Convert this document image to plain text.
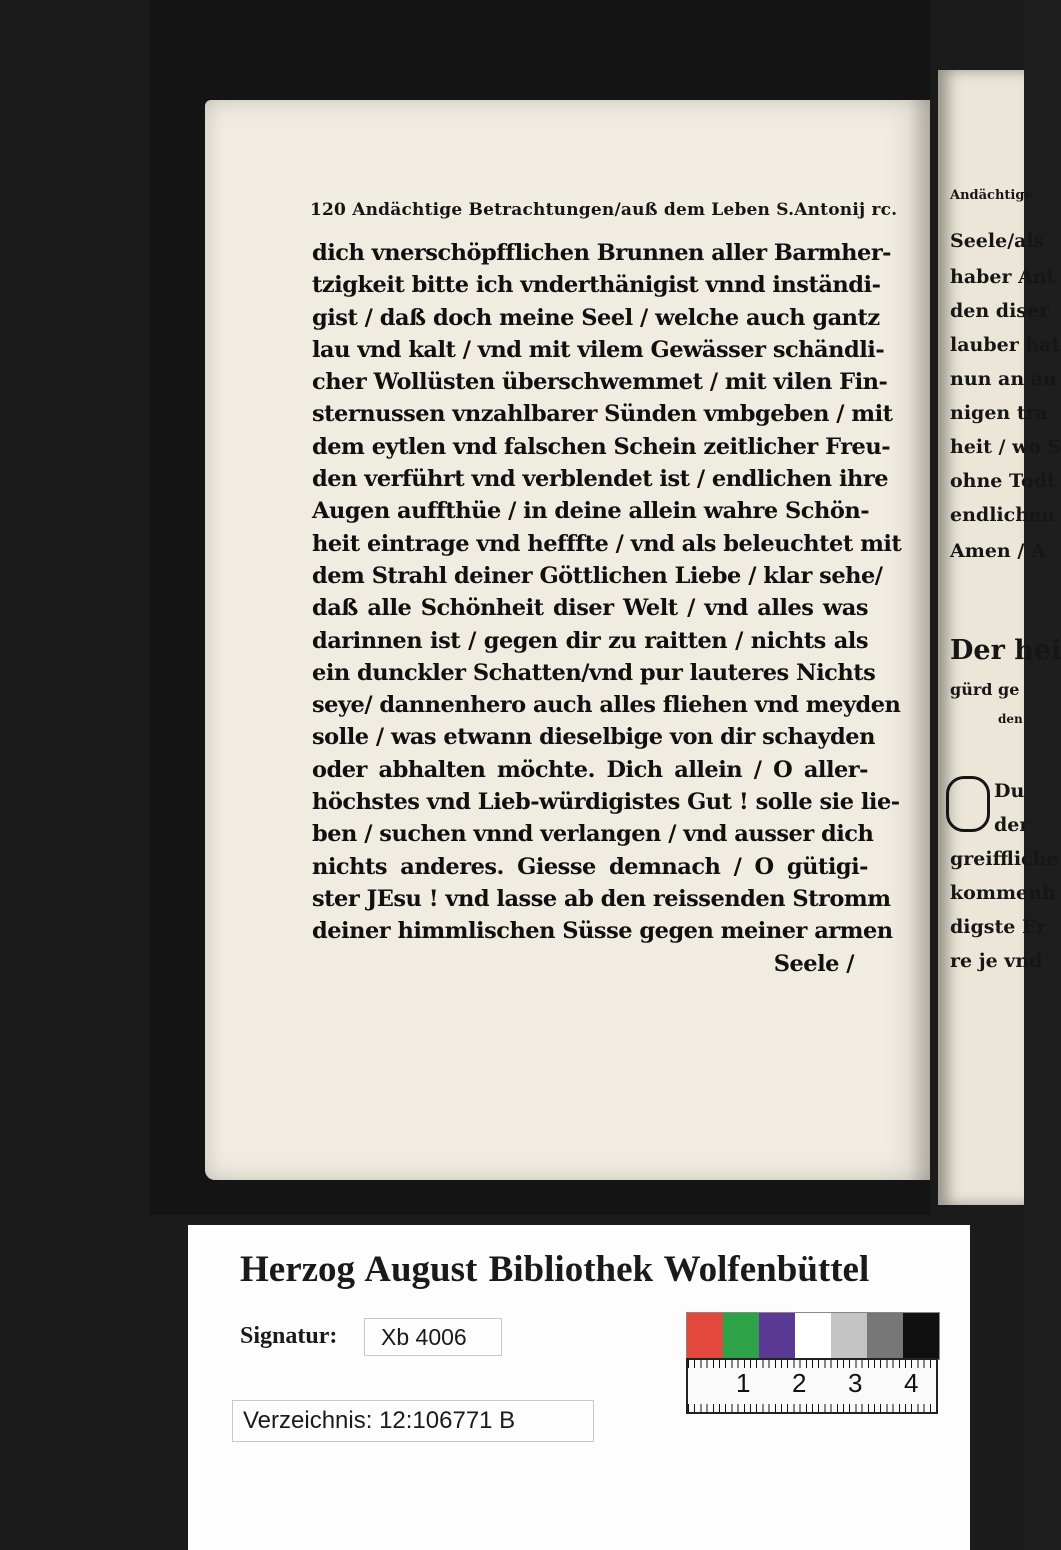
120 Andächtige Betrachtungen/auß dem Leben S.Antonij rc.
dich vnerschöpfflichen Brunnen aller Barmher-
tzigkeit bitte ich vnderthänigist vnnd inständi-
gist / daß doch meine Seel / welche auch gantz
lau vnd kalt / vnd mit vilem Gewässer schändli-
cher Wollüsten überschwemmet / mit vilen Fin-
sternussen vnzahlbarer Sünden vmbgeben / mit
dem eytlen vnd falschen Schein zeitlicher Freu-
den verführt vnd verblendet ist / endlichen ihre
Augen auffthüe / in deine allein wahre Schön-
heit eintrage vnd hefffte / vnd als beleuchtet mit
dem Strahl deiner Göttlichen Liebe / klar sehe/
daß alle Schönheit diser Welt / vnd alles was
darinnen ist / gegen dir zu raitten / nichts als
ein dunckler Schatten/vnd pur lauteres Nichts
seye/ dannenhero auch alles fliehen vnd meyden
solle / was etwann dieselbige von dir schayden
oder abhalten möchte. Dich allein / O aller-
höchstes vnd Lieb-würdigistes Gut ! solle sie lie-
ben / suchen vnnd verlangen / vnd ausser dich
nichts anderes. Giesse demnach / O gütigi-
ster JEsu ! vnd lasse ab den reissenden Stromm
deiner himmlischen Süsse gegen meiner armen
Seele /
Andächtige
Seele/als
haber Ant
den diser
lauber hat
nun an au
nigen tra
heit / wo S
ohne Todt
endlichen
Amen / A
Der hei
gürd ge
den
Du
der
greiffliche
kommenh
digste Er
re je vnd
Herzog August Bibliothek Wolfenbüttel
Signatur:	Xb 4006
Verzeichnis: 12:106771 B
1 2 3 4
